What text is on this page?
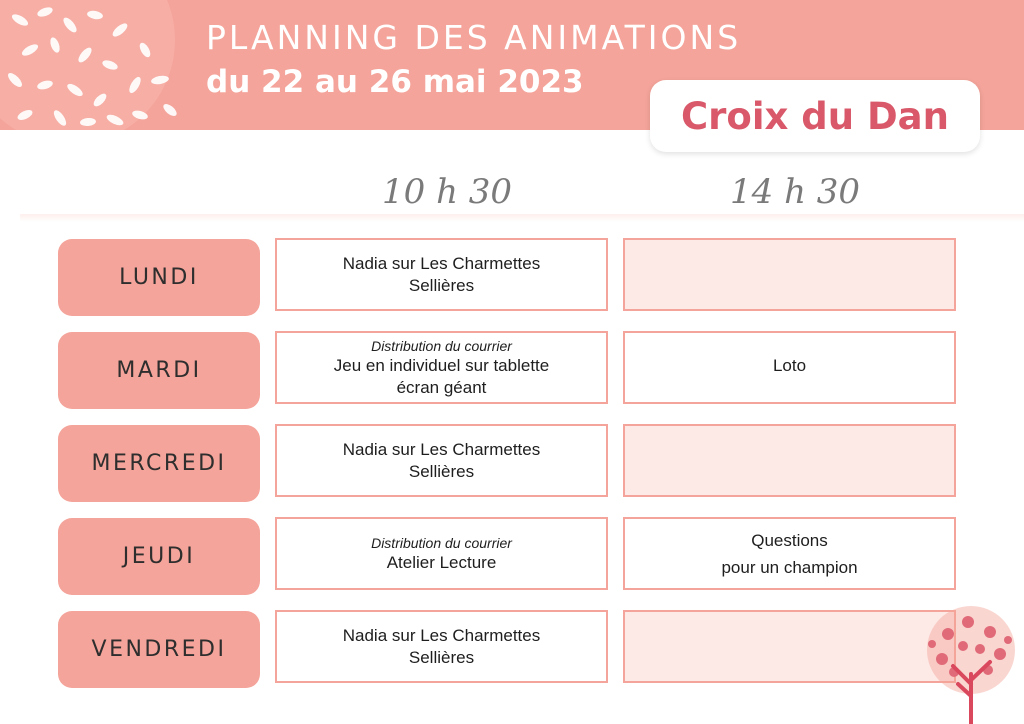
PLANNING DES ANIMATIONS
du 22 au 26 mai 2023
Croix du Dan
10 h 30	14 h 30
LUNDI
Nadia sur Les Charmettes
Sellières
MARDI
Distribution du courrier
Jeu en individuel sur tablette
écran géant
Loto
MERCREDI
Nadia sur Les Charmettes
Sellières
JEUDI
Distribution du courrier
Atelier Lecture
Questions
pour un champion
VENDREDI
Nadia sur Les Charmettes
Sellières
